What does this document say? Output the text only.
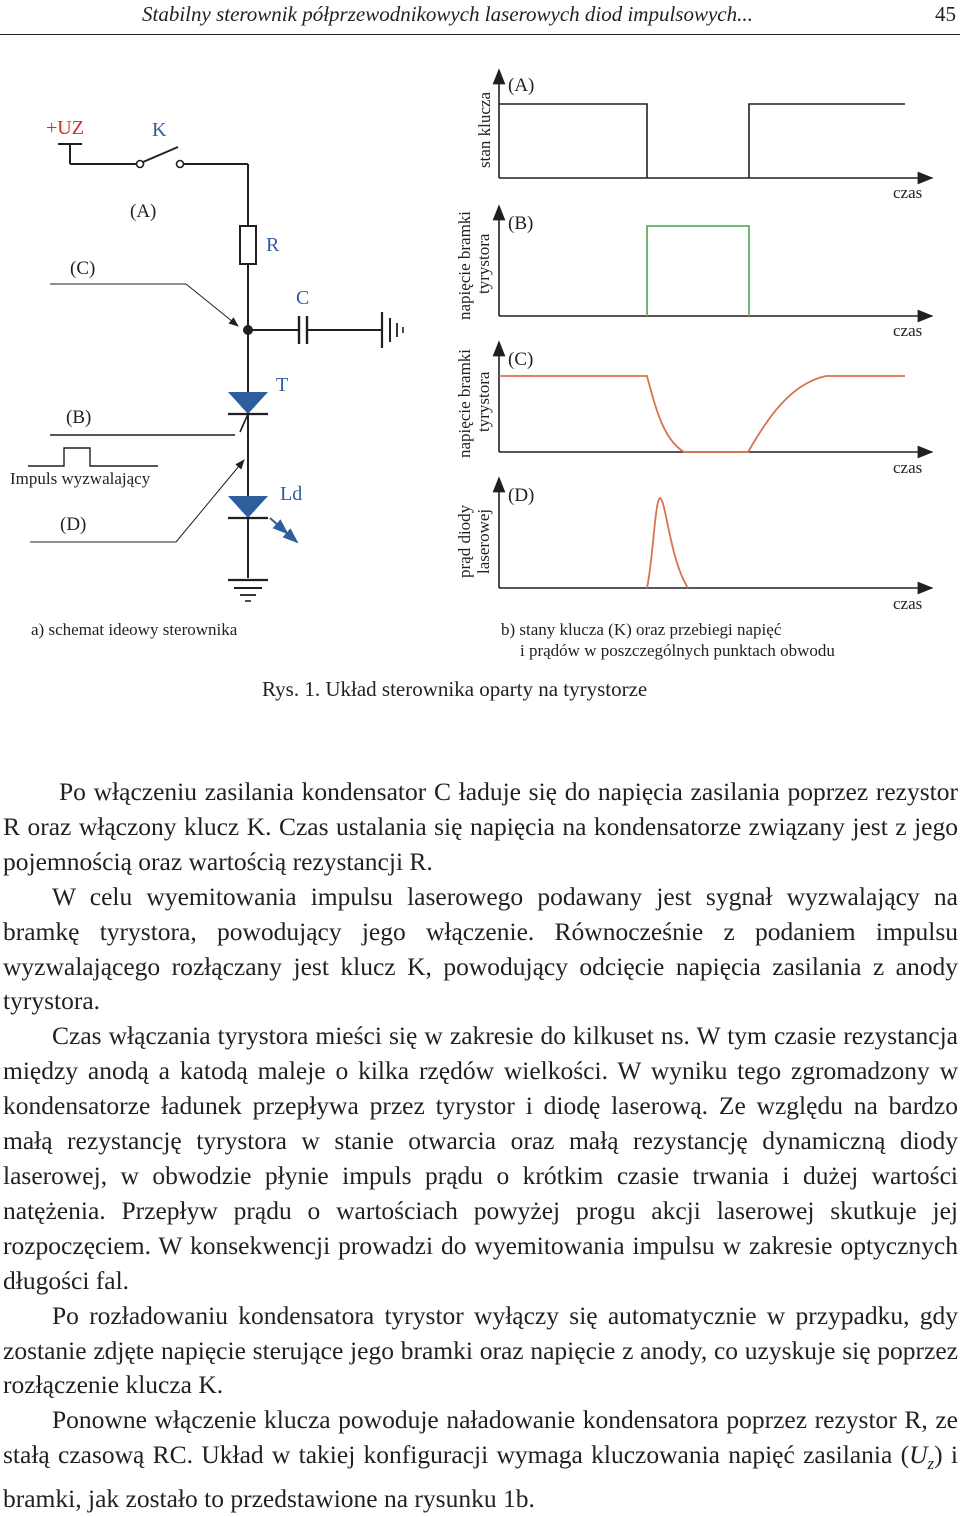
Stabilny sterownik półprzewodnikowych laserowych diod impulsowych...	45
+UZ	K
R
C
T
Ld
(A)
(C)
(B)
Impuls wyzwalający
(D)
a) schemat ideowy sterownika
(A)
stan klucza
czas
(B)
napięcie bramki tyrystora
czas
(C)
napięcie bramki tyrystora
czas
(D)
prąd diody laserowej
czas
b) stany klucza (K) oraz przebiegi napięć
i prądów w poszczególnych punktach obwodu
Rys. 1. Układ sterownika oparty na tyrystorze

Po włączeniu zasilania kondensator C ładuje się do napięcia zasilania poprzez rezystor R oraz włączony klucz K. Czas ustalania się napięcia na kondensatorze związany jest z jego pojemnością oraz wartością rezystancji R.

W celu wyemitowania impulsu laserowego podawany jest sygnał wyzwalający na bramkę tyrystora, powodujący jego włączenie. Równocześnie z podaniem impulsu wyzwalającego rozłączany jest klucz K, powodujący odcięcie napięcia zasilania z anody tyrystora.

Czas włączania tyrystora mieści się w zakresie do kilkuset ns. W tym czasie rezystancja między anodą a katodą maleje o kilka rzędów wielkości. W wyniku tego zgromadzony w kondensatorze ładunek przepływa przez tyrystor i diodę laserową. Ze względu na bardzo małą rezystancję tyrystora w stanie otwarcia oraz małą rezystancję dynamiczną diody laserowej, w obwodzie płynie impuls prądu o krótkim czasie trwania i dużej wartości natężenia. Przepływ prądu o wartościach powyżej progu akcji laserowej skutkuje jej rozpoczęciem. W konsekwencji prowadzi do wyemitowania impulsu w zakresie optycznych długości fal.

Po rozładowaniu kondensatora tyrystor wyłączy się automatycznie w przypadku, gdy zostanie zdjęte napięcie sterujące jego bramki oraz napięcie z anody, co uzyskuje się poprzez rozłączenie klucza K.

Ponowne włączenie klucza powoduje naładowanie kondensatora poprzez rezystor R, ze stałą czasową RC. Układ w takiej konfiguracji wymaga kluczowania napięć zasilania $(U_z)$ i bramki, jak zostało to przedstawione na rysunku 1b.
